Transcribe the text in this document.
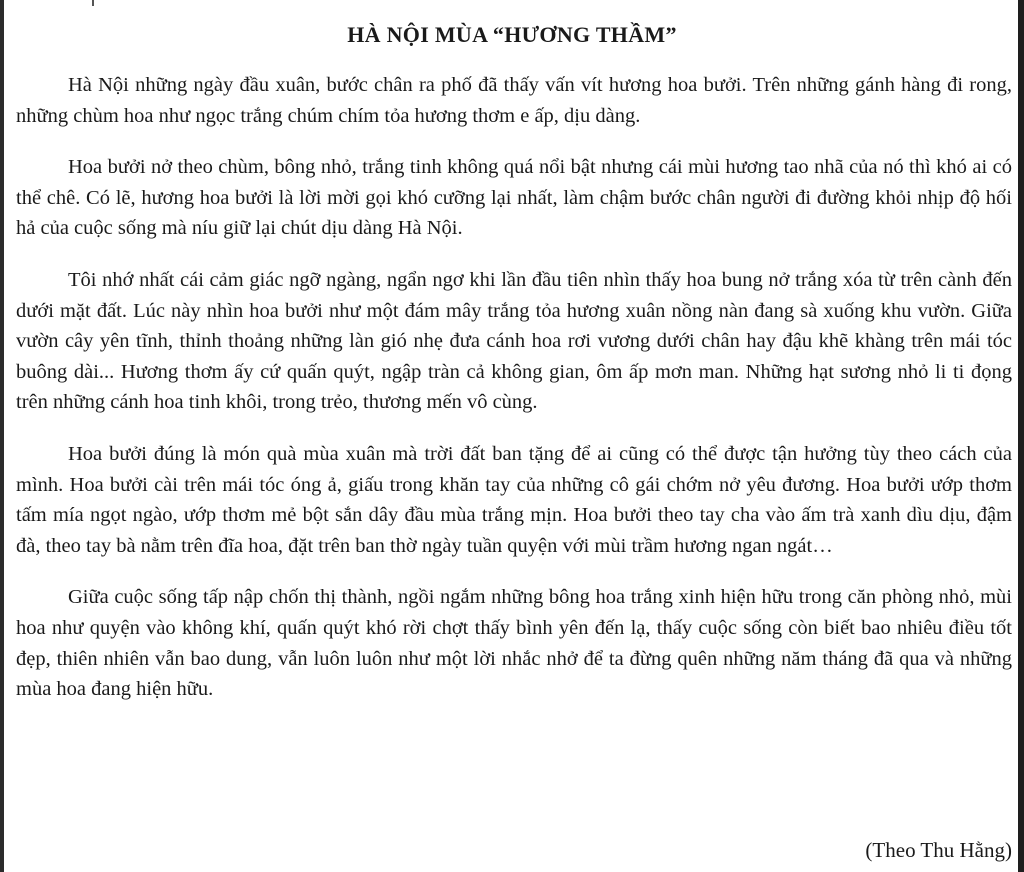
HÀ NỘI MÙA “HƯƠNG THẦM”

Hà Nội những ngày đầu xuân, bước chân ra phố đã thấy vấn vít hương hoa bưởi. Trên những gánh hàng đi rong, những chùm hoa như ngọc trắng chúm chím tỏa hương thơm e ấp, dịu dàng.

Hoa bưởi nở theo chùm, bông nhỏ, trắng tinh không quá nổi bật nhưng cái mùi hương tao nhã của nó thì khó ai có thể chê. Có lẽ, hương hoa bưởi là lời mời gọi khó cưỡng lại nhất, làm chậm bước chân người đi đường khỏi nhịp độ hối hả của cuộc sống mà níu giữ lại chút dịu dàng Hà Nội.

Tôi nhớ nhất cái cảm giác ngỡ ngàng, ngẩn ngơ khi lần đầu tiên nhìn thấy hoa bung nở trắng xóa từ trên cành đến dưới mặt đất. Lúc này nhìn hoa bưởi như một đám mây trắng tỏa hương xuân nồng nàn đang sà xuống khu vườn. Giữa vườn cây yên tĩnh, thỉnh thoảng những làn gió nhẹ đưa cánh hoa rơi vương dưới chân hay đậu khẽ khàng trên mái tóc buông dài... Hương thơm ấy cứ quấn quýt, ngập tràn cả không gian, ôm ấp mơn man. Những hạt sương nhỏ li ti đọng trên những cánh hoa tinh khôi, trong trẻo, thương mến vô cùng.

Hoa bưởi đúng là món quà mùa xuân mà trời đất ban tặng để ai cũng có thể được tận hưởng tùy theo cách của mình. Hoa bưởi cài trên mái tóc óng ả, giấu trong khăn tay của những cô gái chớm nở yêu đương. Hoa bưởi ướp thơm tấm mía ngọt ngào, ướp thơm mẻ bột sắn dây đầu mùa trắng mịn. Hoa bưởi theo tay cha vào ấm trà xanh dìu dịu, đậm đà, theo tay bà nằm trên đĩa hoa, đặt trên ban thờ ngày tuần quyện với mùi trầm hương ngan ngát…

Giữa cuộc sống tấp nập chốn thị thành, ngồi ngắm những bông hoa trắng xinh hiện hữu trong căn phòng nhỏ, mùi hoa như quyện vào không khí, quấn quýt khó rời chợt thấy bình yên đến lạ, thấy cuộc sống còn biết bao nhiêu điều tốt đẹp, thiên nhiên vẫn bao dung, vẫn luôn luôn như một lời nhắc nhở để ta đừng quên những năm tháng đã qua và những mùa hoa đang hiện hữu.

(Theo Thu Hằng)
